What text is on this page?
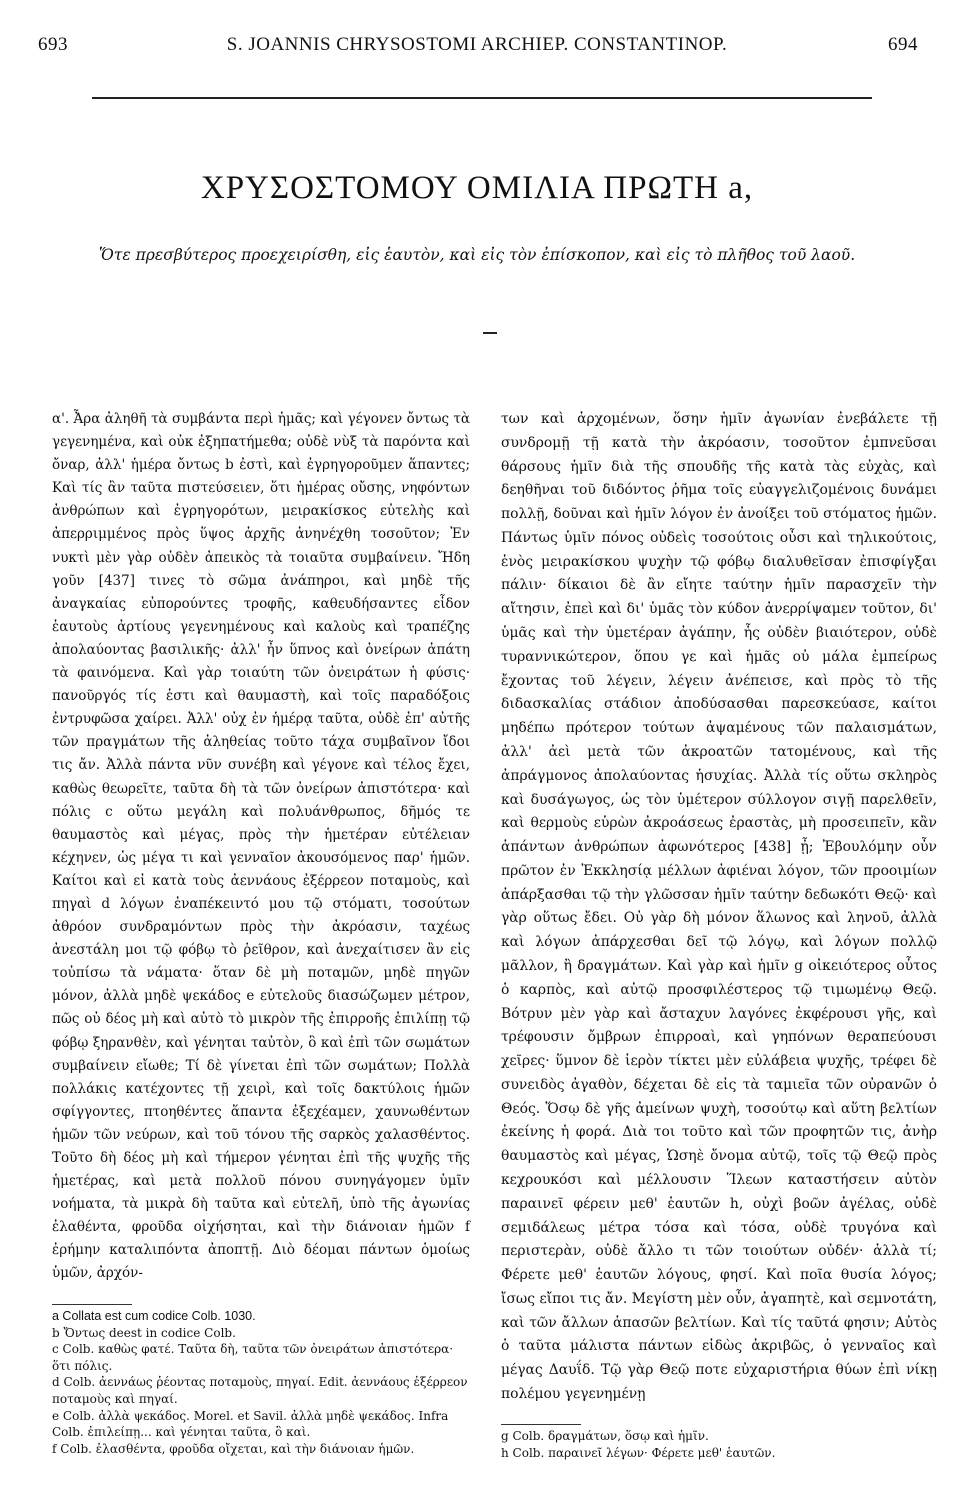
693	S. JOANNIS CHRYSOSTOMI ARCHIEP. CONSTANTINOP.	694
ΧΡΥΣΟΣΤΟΜΟΥ ΟΜΙΛΙΑ ΠΡΩΤΗ a,
Ὅτε πρεσβύτερος προεχειρίσθη, εἰς ἑαυτὸν, καὶ εἰς τὸν ἐπίσκοπον, καὶ εἰς τὸ πλῆθος τοῦ λαοῦ.

α'. Ἆρα ἀληθῆ τὰ συμβάντα περὶ ἡμᾶς; καὶ γέγονεν ὄντως τὰ γεγενημένα, καὶ οὐκ ἐξηπατήμεθα; οὐδὲ νὺξ τὰ παρόντα καὶ ὄναρ, ἀλλ' ἡμέρα ὄντως b ἐστὶ, καὶ ἐγρηγοροῦμεν ἅπαντες; Καὶ τίς ἂν ταῦτα πιστεύσειεν, ὅτι ἡμέρας οὔσης, νηφόντων ἀνθρώπων καὶ ἐγρηγορότων, μειρακίσκος εὐτελὴς καὶ ἀπερριμμένος πρὸς ὕψος ἀρχῆς ἀνηνέχθη τοσοῦτον; Ἐν νυκτὶ μὲν γὰρ οὐδὲν ἀπεικὸς τὰ τοιαῦτα συμβαίνειν. Ἤδη γοῦν [437] τινες τὸ σῶμα ἀνάπηροι, καὶ μηδὲ τῆς ἀναγκαίας εὐπορούντες τροφῆς, καθευδήσαντες εἶδον ἑαυτοὺς ἀρτίους γεγενημένους καὶ καλοὺς καὶ τραπέζης ἀπολαύοντας βασιλικῆς· ἀλλ' ἦν ὕπνος καὶ ὀνείρων ἀπάτη τὰ φαινόμενα. Καὶ γὰρ τοιαύτη τῶν ὀνειράτων ἡ φύσις· πανοῦργός τίς ἐστι καὶ θαυμαστὴ, καὶ τοῖς παραδόξοις ἐντρυφῶσα χαίρει. Ἀλλ' οὐχ ἐν ἡμέρᾳ ταῦτα, οὐδὲ ἐπ' αὐτῆς τῶν πραγμάτων τῆς ἀληθείας τοῦτο τάχα συμβαῖνον ἴδοι τις ἄν. Ἀλλὰ πάντα νῦν συνέβη καὶ γέγονε καὶ τέλος ἔχει, καθὼς θεωρεῖτε, ταῦτα δὴ τὰ τῶν ὀνείρων ἀπιστότερα· καὶ πόλις c οὕτω μεγάλη καὶ πολυάνθρωπος, δῆμός τε θαυμαστὸς καὶ μέγας, πρὸς τὴν ἡμετέραν εὐτέλειαν κέχηνεν, ὡς μέγα τι καὶ γενναῖον ἀκουσόμενος παρ' ἡμῶν. Καίτοι καὶ εἰ κατὰ τοὺς ἀεννάους ἐξέρρεον ποταμοὺς, καὶ πηγαὶ d λόγων ἐναπέκειντό μου τῷ στόματι, τοσούτων ἀθρόον συνδραμόντων πρὸς τὴν ἀκρόασιν, ταχέως ἀνεστάλη μοι τῷ φόβῳ τὸ ῥεῖθρον, καὶ ἀνεχαίτισεν ἂν εἰς τοὐπίσω τὰ νάματα· ὅταν δὲ μὴ ποταμῶν, μηδὲ πηγῶν μόνον, ἀλλὰ μηδὲ ψεκάδος e εὐτελοῦς διασώζωμεν μέτρον, πῶς οὐ δέος μὴ καὶ αὐτὸ τὸ μικρὸν τῆς ἐπιρροῆς ἐπιλίπῃ τῷ φόβῳ ξηρανθὲν, καὶ γένηται ταὐτὸν, ὃ καὶ ἐπὶ τῶν σωμάτων συμβαίνειν εἴωθε; Τί δὲ γίνεται ἐπὶ τῶν σωμάτων; Πολλὰ πολλάκις κατέχοντες τῇ χειρὶ, καὶ τοῖς δακτύλοις ἡμῶν σφίγγοντες, πτοηθέντες ἅπαντα ἐξεχέαμεν, χαυνωθέντων ἡμῶν τῶν νεύρων, καὶ τοῦ τόνου τῆς σαρκὸς χαλασθέντος. Τοῦτο δὴ δέος μὴ καὶ τήμερον γένηται ἐπὶ τῆς ψυχῆς τῆς ἡμετέρας, καὶ μετὰ πολλοῦ πόνου συνηγάγομεν ὑμῖν νοήματα, τὰ μικρὰ δὴ ταῦτα καὶ εὐτελῆ, ὑπὸ τῆς ἀγωνίας ἐλαθέντα, φροῦδα οἰχήσηται, καὶ τὴν διάνοιαν ἡμῶν f ἐρήμην καταλιπόντα ἀποπτῇ. Διὸ δέομαι πάντων ὁμοίως ὑμῶν, ἀρχόν-

των καὶ ἀρχομένων, ὅσην ἡμῖν ἀγωνίαν ἐνεβάλετε τῇ συνδρομῇ τῇ κατὰ τὴν ἀκρόασιν, τοσοῦτον ἐμπνεῦσαι θάρσους ἡμῖν διὰ τῆς σπουδῆς τῆς κατὰ τὰς εὐχὰς, καὶ δεηθῆναι τοῦ διδόντος ῥῆμα τοῖς εὐαγγελιζομένοις δυνάμει πολλῇ, δοῦναι καὶ ἡμῖν λόγον ἐν ἀνοίξει τοῦ στόματος ἡμῶν. Πάντως ὑμῖν πόνος οὐδεὶς τοσούτοις οὖσι καὶ τηλικούτοις, ἑνὸς μειρακίσκου ψυχὴν τῷ φόβῳ διαλυθεῖσαν ἐπισφίγξαι πάλιν· δίκαιοι δὲ ἂν εἴητε ταύτην ἡμῖν παρασχεῖν τὴν αἴτησιν, ἐπεὶ καὶ δι' ὑμᾶς τὸν κύδον ἀνερρίψαμεν τοῦτον, δι' ὑμᾶς καὶ τὴν ὑμετέραν ἀγάπην, ἧς οὐδὲν βιαιότερον, οὐδὲ τυραννικώτερον, ὅπου γε καὶ ἡμᾶς οὐ μάλα ἐμπείρως ἔχοντας τοῦ λέγειν, λέγειν ἀνέπεισε, καὶ πρὸς τὸ τῆς διδασκαλίας στάδιον ἀποδύσασθαι παρεσκεύασε, καίτοι μηδέπω πρότερον τούτων ἀψαμένους τῶν παλαισμάτων, ἀλλ' ἀεὶ μετὰ τῶν ἀκροατῶν τατομένους, καὶ τῆς ἀπράγμονος ἀπολαύοντας ἡσυχίας. Ἀλλὰ τίς οὕτω σκληρὸς καὶ δυσάγωγος, ὡς τὸν ὑμέτερον σύλλογον σιγῇ παρελθεῖν, καὶ θερμοὺς εὑρὼν ἀκροάσεως ἐραστὰς, μὴ προσειπεῖν, κἂν ἁπάντων ἀνθρώπων ἀφωνότερος [438] ᾖ; Ἐβουλόμην οὖν πρῶτον ἐν Ἐκκλησίᾳ μέλλων ἀφιέναι λόγον, τῶν προοιμίων ἀπάρξασθαι τῷ τὴν γλῶσσαν ἡμῖν ταύτην δεδωκότι Θεῷ· καὶ γὰρ οὕτως ἔδει. Οὐ γὰρ δὴ μόνον ἅλωνος καὶ ληνοῦ, ἀλλὰ καὶ λόγων ἀπάρχεσθαι δεῖ τῷ λόγῳ, καὶ λόγων πολλῷ μᾶλλον, ἢ δραγμάτων. Καὶ γὰρ καὶ ἡμῖν g οἰκειότερος οὗτος ὁ καρπὸς, καὶ αὐτῷ προσφιλέστερος τῷ τιμωμένῳ Θεῷ. Βότρυν μὲν γὰρ καὶ ἄσταχυν λαγόνες ἐκφέρουσι γῆς, καὶ τρέφουσιν ὄμβρων ἐπιρροαὶ, καὶ γηπόνων θεραπεύουσι χεῖρες· ὕμνον δὲ ἱερὸν τίκτει μὲν εὐλάβεια ψυχῆς, τρέφει δὲ συνειδὸς ἀγαθὸν, δέχεται δὲ εἰς τὰ ταμιεῖα τῶν οὐρανῶν ὁ Θεός. Ὅσῳ δὲ γῆς ἀμείνων ψυχὴ, τοσούτῳ καὶ αὕτη βελτίων ἐκείνης ἡ φορά. Διὰ τοι τοῦτο καὶ τῶν προφητῶν τις, ἀνὴρ θαυμαστὸς καὶ μέγας, Ὡσηὲ ὄνομα αὐτῷ, τοῖς τῷ Θεῷ πρὸς κεχρουκόσι καὶ μέλλουσιν Ἵλεων καταστήσειν αὐτὸν παραινεῖ φέρειν μεθ' ἑαυτῶν h, οὐχὶ βοῶν ἀγέλας, οὐδὲ σεμιδάλεως μέτρα τόσα καὶ τόσα, οὐδὲ τρυγόνα καὶ περιστερὰν, οὐδὲ ἄλλο τι τῶν τοιούτων οὐδέν· ἀλλὰ τί; Φέρετε μεθ' ἑαυτῶν λόγους, φησί. Καὶ ποῖα θυσία λόγος; ἴσως εἴποι τις ἄν. Μεγίστη μὲν οὖν, ἀγαπητὲ, καὶ σεμνοτάτη, καὶ τῶν ἄλλων ἁπασῶν βελτίων. Καὶ τίς ταῦτά φησιν; Αὐτὸς ὁ ταῦτα μάλιστα πάντων εἰδὼς ἀκριβῶς, ὁ γενναῖος καὶ μέγας Δαυΐδ. Τῷ γὰρ Θεῷ ποτε εὐχαριστήρια θύων ἐπὶ νίκῃ πολέμου γεγενημένῃ

a Collata est cum codice Colb. 1030.
b Ὄντως deest in codice Colb.
c Colb. καθὼς φατέ. Ταῦτα δὴ, ταῦτα τῶν ὀνειράτων ἀπιστότερα· ὅτι πόλις.
d Colb. ἀεννάως ῥέοντας ποταμοὺς, πηγαί. Edit. ἀεννάους ἐξέρρεον ποταμοὺς καὶ πηγαί.
e Colb. ἀλλὰ ψεκάδος. Morel. et Savil. ἀλλὰ μηδὲ ψεκάδος. Infra Colb. ἐπιλείπῃ... καὶ γένηται ταῦτα, ὃ καὶ.
f Colb. ἐλασθέντα, φροῦδα οἴχεται, καὶ τὴν διάνοιαν ἡμῶν.
g Colb. δραγμάτων, ὅσῳ καὶ ἡμῖν.
h Colb. παραινεῖ λέγων· Φέρετε μεθ' ἑαυτῶν.
